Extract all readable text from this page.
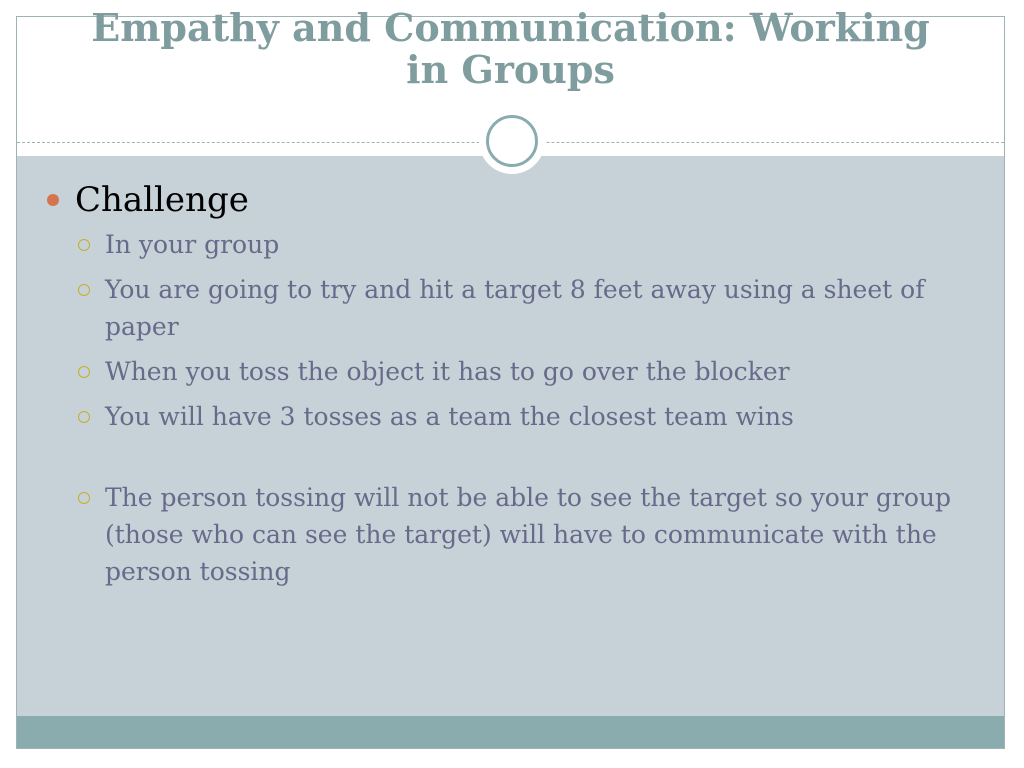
Empathy and Communication: Working in Groups
Challenge
In your group
You are going to try and hit a target 8 feet away using a sheet of paper
When you toss the object it has to go over the blocker
You will have 3 tosses as a team the closest team wins
The person tossing will not be able to see the target so your group (those who can see the target) will have to communicate with the person tossing
